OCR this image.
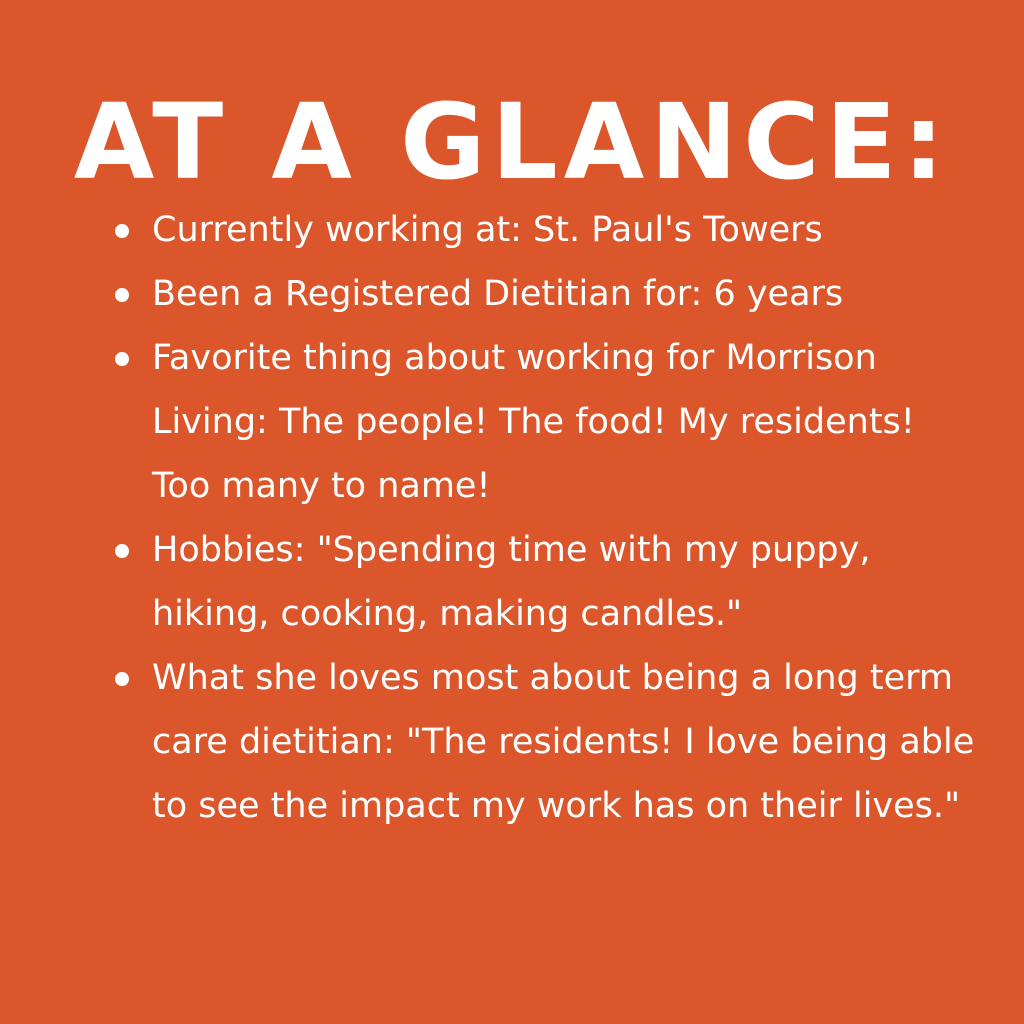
AT A GLANCE:
Currently working at: St. Paul's Towers
Been a Registered Dietitian for: 6 years
Favorite thing about working for Morrison Living: The people! The food! My residents! Too many to name!
Hobbies: "Spending time with my puppy, hiking, cooking, making candles."
What she loves most about being a long term care dietitian: "The residents! I love being able to see the impact my work has on their lives."
